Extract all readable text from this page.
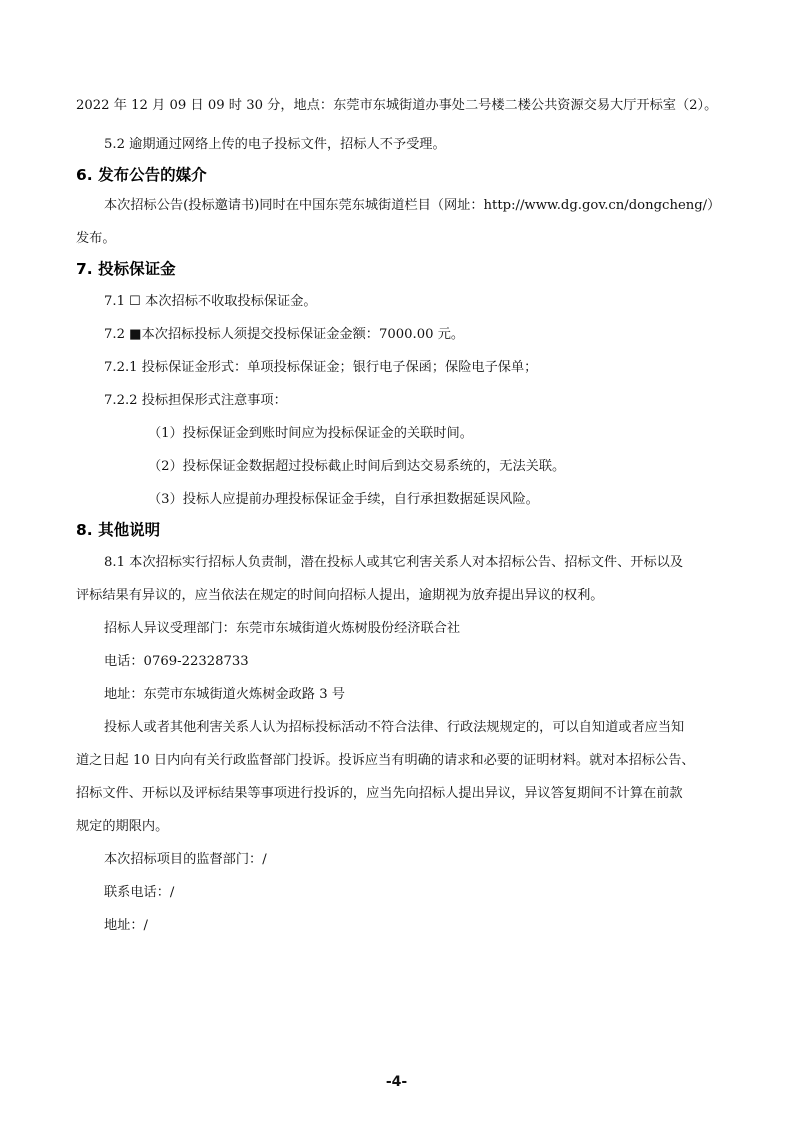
2022 年 12 月 09 日 09 时 30 分，地点：东莞市东城街道办事处二号楼二楼公共资源交易大厅开标室（2）。

5.2 逾期通过网络上传的电子投标文件，招标人不予受理。

6. 发布公告的媒介

本次招标公告(投标邀请书)同时在中国东莞东城街道栏目（网址：http://www.dg.gov.cn/dongcheng/）

发布。

7. 投标保证金

7.1 ☐ 本次招标不收取投标保证金。

7.2 ■本次招标投标人须提交投标保证金金额：7000.00 元。

7.2.1 投标保证金形式：单项投标保证金；银行电子保函；保险电子保单；

7.2.2 投标担保形式注意事项：

（1）投标保证金到账时间应为投标保证金的关联时间。

（2）投标保证金数据超过投标截止时间后到达交易系统的，无法关联。

（3）投标人应提前办理投标保证金手续，自行承担数据延误风险。

8. 其他说明

8.1 本次招标实行招标人负责制，潜在投标人或其它利害关系人对本招标公告、招标文件、开标以及

评标结果有异议的，应当依法在规定的时间向招标人提出，逾期视为放弃提出异议的权利。

招标人异议受理部门：东莞市东城街道火炼树股份经济联合社

电话：0769-22328733

地址：东莞市东城街道火炼树金政路 3 号

投标人或者其他利害关系人认为招标投标活动不符合法律、行政法规规定的，可以自知道或者应当知

道之日起 10 日内向有关行政监督部门投诉。投诉应当有明确的请求和必要的证明材料。就对本招标公告、

招标文件、开标以及评标结果等事项进行投诉的，应当先向招标人提出异议，异议答复期间不计算在前款

规定的期限内。

本次招标项目的监督部门：/

联系电话：/

地址：/

-4-
